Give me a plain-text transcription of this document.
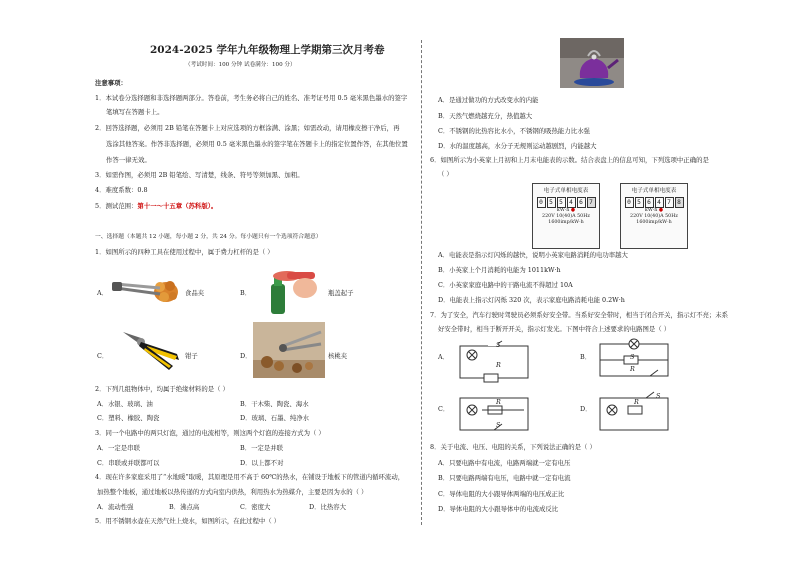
2024-2025 学年九年级物理上学期第三次月考卷
（考试时间：100 分钟 试卷满分：100 分）
注意事项：
1．本试卷分选择题和非选择题两部分。答卷前，考生务必将自己的姓名、准考证号用 0.5 毫米黑色墨水的签字
笔填写在答题卡上。
2．回答选择题，必须用 2B 铅笔在答题卡上对应选项的方框涂满、涂黑；如需改动，请用橡皮擦干净后，再
选涂其他答案。作答非选择题，必须用 0.5 毫米黑色墨水的签字笔在答题卡上的指定位置作答，在其他位置
作答一律无效。
3．如需作图，必须用 2B 铅笔绘、写清楚，线条、符号等须加黑、加粗。
4．难度系数：0.8
5．测试范围：第十一～十五章（苏科版）。
一、选择题（本题共 12 小题，每小题 2 分，共 24 分。每小题只有一个选项符合题意）
1．如图所示的四种工具在使用过程中，属于费力杠杆的是（ ）
A．	食品夹	B．	瓶盖起子
C．	钳子	D．	核桃夹
2．下列几组物体中，均属于绝缘材料的是（ ）
A．水银、玻璃、油	B．干木柴、陶瓷、海水
C．塑料、橡胶、陶瓷	D．玻璃、石墨、纯净水
3．同一个电路中的两只灯泡，通过的电流相等，则这两个灯泡的连接方式为（ ）
A．一定是串联	B．一定是并联
C．串联或并联都可以	D．以上都不对
4．现在许多家庭采用了“水地暖”取暖，其原理是用不高于 60℃的热水，在铺设于地板下的管道内循环流动，
加热整个地板，通过地板以热传递的方式向室内供热，利用热水为热媒介，主要是因为水的（ ）
A．流动性强	B．沸点高	C．密度大	D．比热容大
5．用不锈钢水壶在天然气灶上烧水，如图所示，在此过程中（ ）
A．是通过做功的方式改变水的内能
B．天然气燃烧越充分，热值越大
C．不锈钢的比热容比水小，不锈钢的吸热能力比水强
D．水的温度越高，水分子无规则运动越剧烈，内能越大
6．如图所示为小英家上月初和上月末电能表的示数。结合表盘上的信息可知，下列选项中正确的是
（ ）
电子式单相电度表
0	5	5	4	6	7
kW·h ●
220V 10(40)A 50Hz
1600imp/kW·h
电子式单相电度表
0	5	6	4	7	8
kW·h ●
220V 10(40)A 50Hz
1600imp/kW·h
A．电能表是指示灯闪烁的越快，说明小英家电路消耗的电功率越大
B．小英家上个月消耗的电能为 1011kW·h
C．小英家家庭电路中的干路电流不得超过 10A
D．电能表上指示灯闪烁 320 次，表示家庭电路消耗电能 0.2W·h
7．为了安全，汽车行驶时驾驶员必须系好安全带。当系好安全带时，相当于闭合开关，指示灯不亮；未系
好安全带时，相当于断开开关，指示灯发光。下图中符合上述要求的电路图是（ ）
A．
S
R
B．	S
R
C．
R
S
D．
R
S
8．关于电流、电压、电阻的关系，下列说法正确的是（ ）
A．只要电路中有电流，电路两端就一定有电压
B．只要电路两端有电压，电路中就一定有电流
C．导体电阻的大小跟导体两端的电压成正比
D．导体电阻的大小跟导体中的电流成反比
